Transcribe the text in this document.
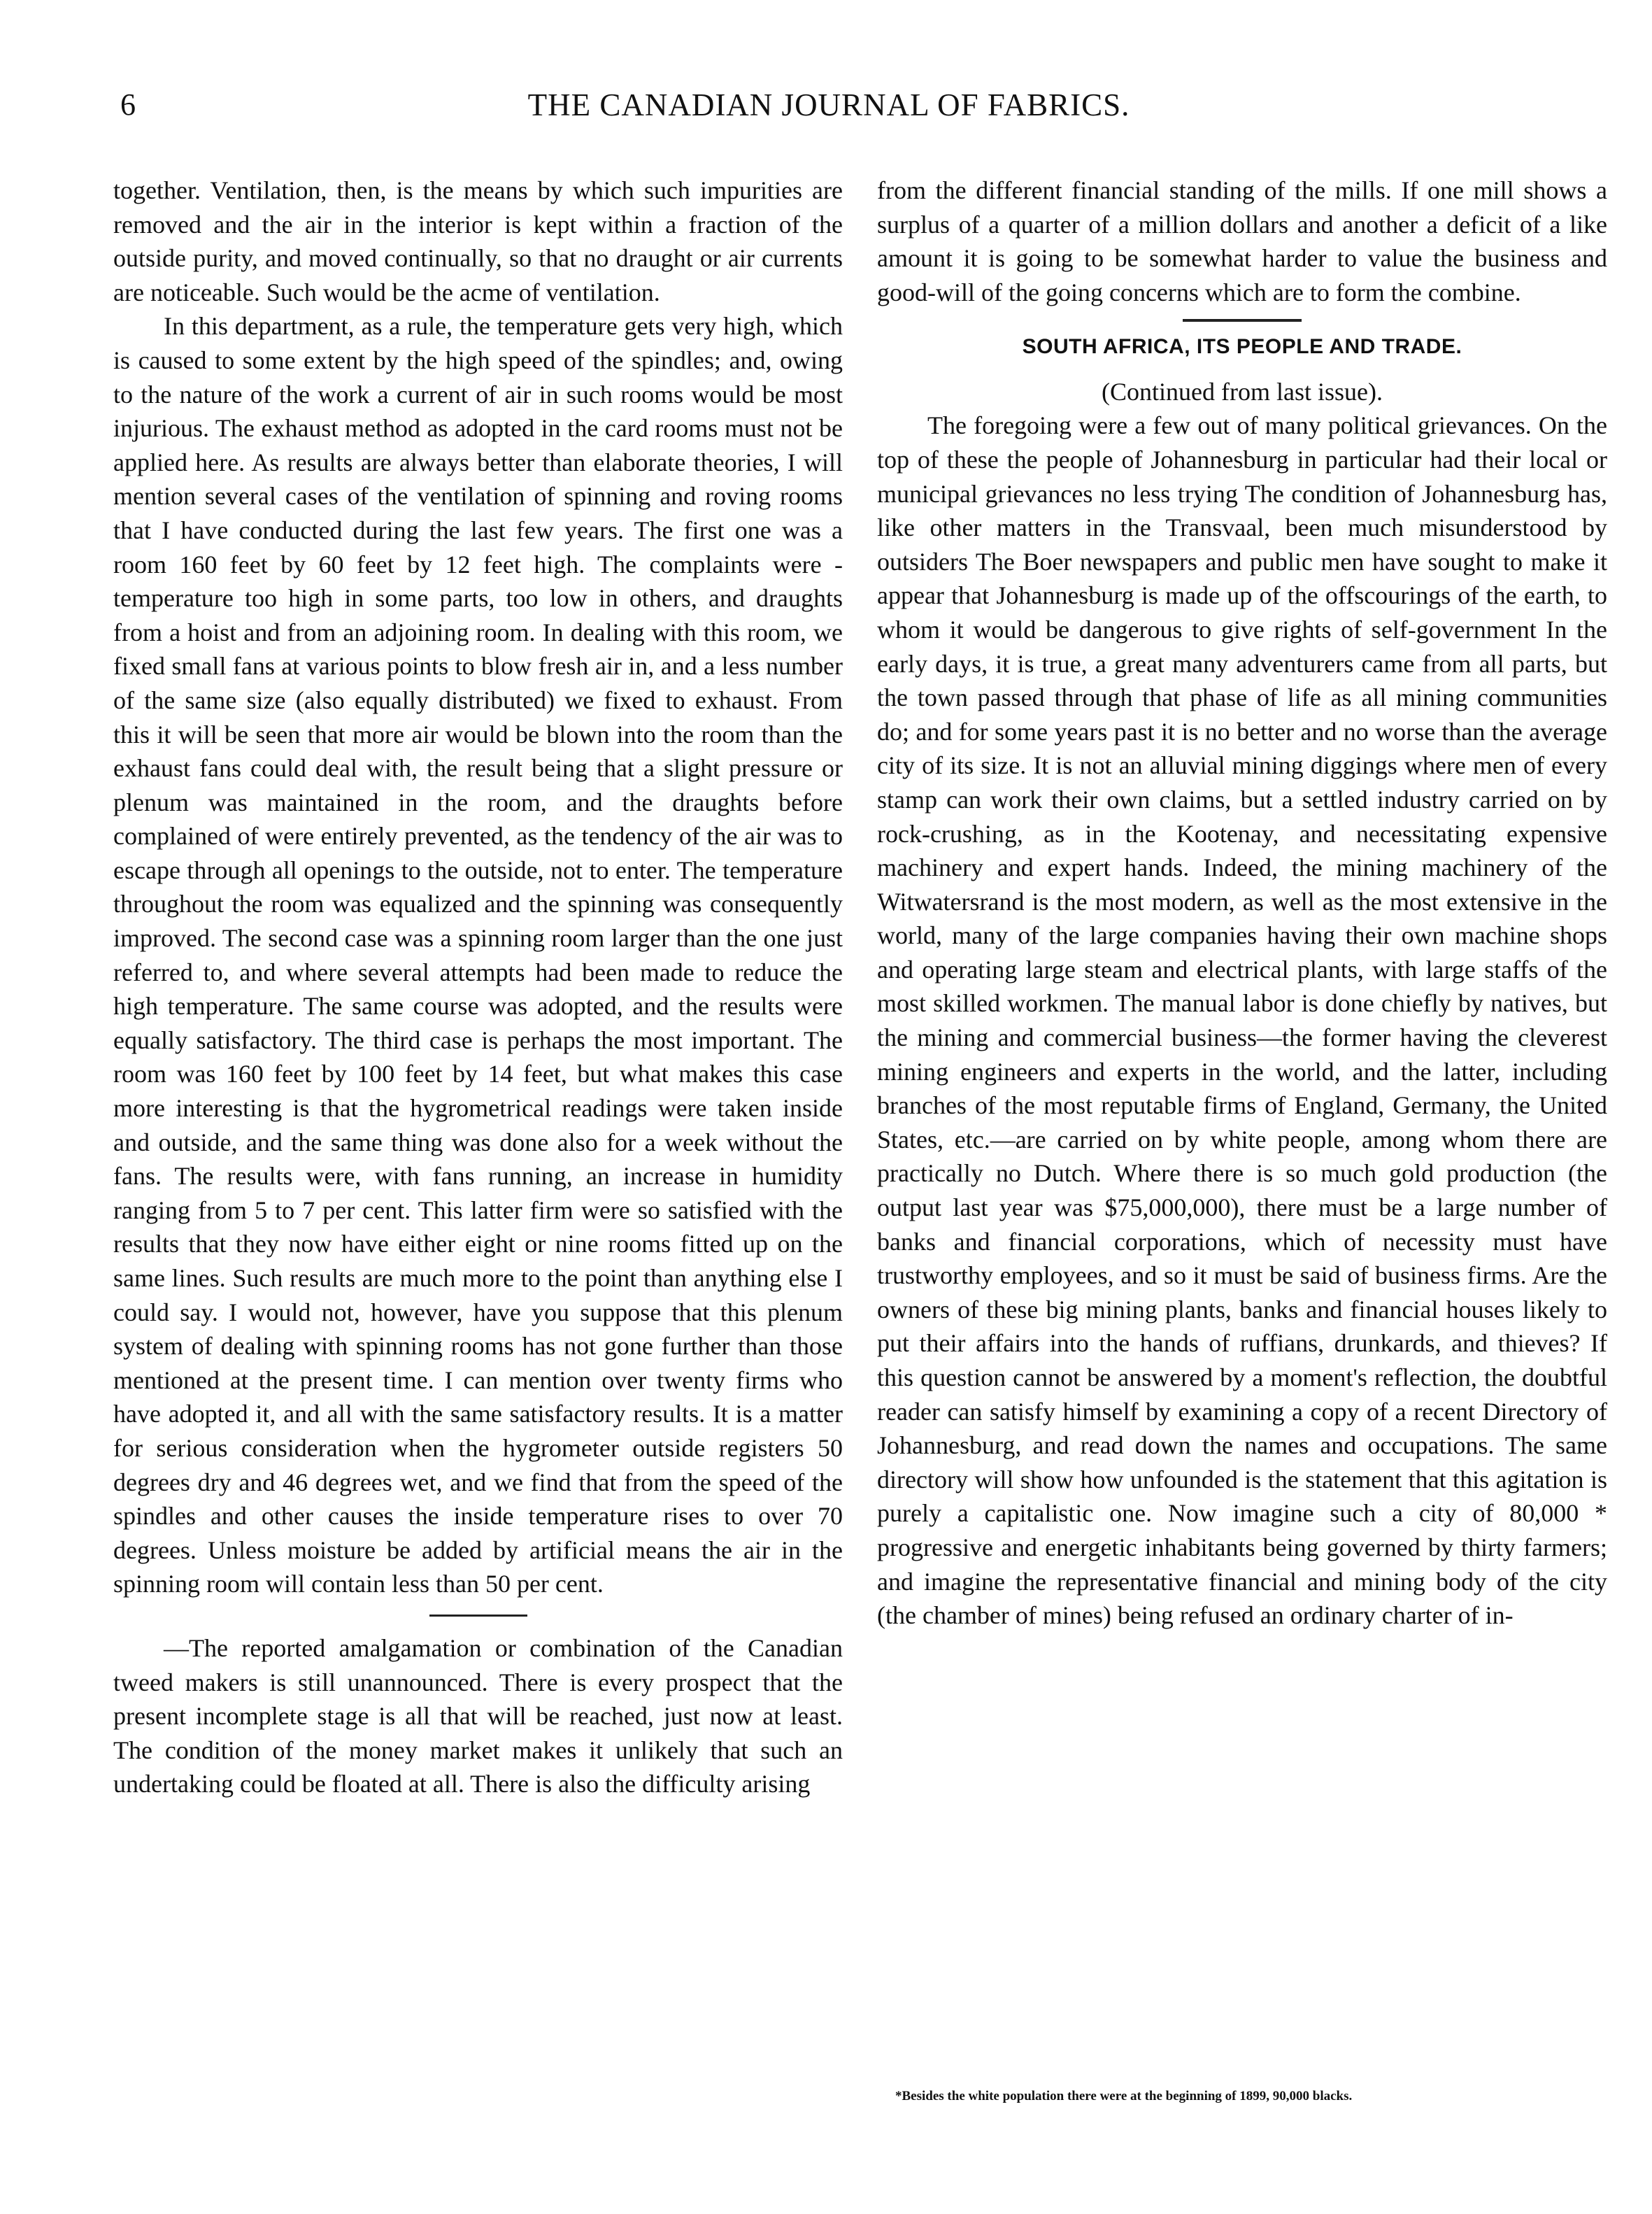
6	THE CANADIAN JOURNAL OF FABRICS.

together. Ventilation, then, is the means by which such impurities are removed and the air in the interior is kept within a fraction of the outside purity, and moved continually, so that no draught or air currents are noticeable. Such would be the acme of ventilation.

In this department, as a rule, the temperature gets very high, which is caused to some extent by the high speed of the spindles; and, owing to the nature of the work a current of air in such rooms would be most injurious. The exhaust method as adopted in the card rooms must not be applied here. As results are always better than elaborate theories, I will mention several cases of the ventilation of spinning and roving rooms that I have conducted during the last few years. The first one was a room 160 feet by 60 feet by 12 feet high. The complaints were -temperature too high in some parts, too low in others, and draughts from a hoist and from an adjoining room. In dealing with this room, we fixed small fans at various points to blow fresh air in, and a less number of the same size (also equally distributed) we fixed to exhaust. From this it will be seen that more air would be blown into the room than the exhaust fans could deal with, the result being that a slight pressure or plenum was maintained in the room, and the draughts before complained of were entirely prevented, as the tendency of the air was to escape through all openings to the outside, not to enter. The temperature throughout the room was equalized and the spinning was consequently improved. The second case was a spinning room larger than the one just referred to, and where several attempts had been made to reduce the high temperature. The same course was adopted, and the results were equally satisfactory. The third case is perhaps the most important. The room was 160 feet by 100 feet by 14 feet, but what makes this case more interesting is that the hygrometrical readings were taken inside and outside, and the same thing was done also for a week without the fans. The results were, with fans running, an increase in humidity ranging from 5 to 7 per cent. This latter firm were so satisfied with the results that they now have either eight or nine rooms fitted up on the same lines. Such results are much more to the point than anything else I could say. I would not, however, have you suppose that this plenum system of dealing with spinning rooms has not gone further than those mentioned at the present time. I can mention over twenty firms who have adopted it, and all with the same satisfactory results. It is a matter for serious consideration when the hygrometer outside registers 50 degrees dry and 46 degrees wet, and we find that from the speed of the spindles and other causes the inside temperature rises to over 70 degrees. Unless moisture be added by artificial means the air in the spinning room will contain less than 50 per cent.

—The reported amalgamation or combination of the Canadian tweed makers is still unannounced. There is every prospect that the present incomplete stage is all that will be reached, just now at least. The condition of the money market makes it unlikely that such an undertaking could be floated at all. There is also the difficulty arising

from the different financial standing of the mills. If one mill shows a surplus of a quarter of a million dollars and another a deficit of a like amount it is going to be somewhat harder to value the business and good-will of the going concerns which are to form the combine.

SOUTH AFRICA, ITS PEOPLE AND TRADE.
(Continued from last issue).

The foregoing were a few out of many political grievances. On the top of these the people of Johannesburg in particular had their local or municipal grievances no less trying The condition of Johannesburg has, like other matters in the Transvaal, been much misunderstood by outsiders The Boer newspapers and public men have sought to make it appear that Johannesburg is made up of the offscourings of the earth, to whom it would be dangerous to give rights of self-government In the early days, it is true, a great many adventurers came from all parts, but the town passed through that phase of life as all mining communities do; and for some years past it is no better and no worse than the average city of its size. It is not an alluvial mining diggings where men of every stamp can work their own claims, but a settled industry carried on by rock-crushing, as in the Kootenay, and necessitating expensive machinery and expert hands. Indeed, the mining machinery of the Witwatersrand is the most modern, as well as the most extensive in the world, many of the large companies having their own machine shops and operating large steam and electrical plants, with large staffs of the most skilled workmen. The manual labor is done chiefly by natives, but the mining and commercial business—the former having the cleverest mining engineers and experts in the world, and the latter, including branches of the most reputable firms of England, Germany, the United States, etc.—are carried on by white people, among whom there are practically no Dutch. Where there is so much gold production (the output last year was $75,000,000), there must be a large number of banks and financial corporations, which of necessity must have trustworthy employees, and so it must be said of business firms. Are the owners of these big mining plants, banks and financial houses likely to put their affairs into the hands of ruffians, drunkards, and thieves? If this question cannot be answered by a moment's reflection, the doubtful reader can satisfy himself by examining a copy of a recent Directory of Johannesburg, and read down the names and occupations. The same directory will show how unfounded is the statement that this agitation is purely a capitalistic one. Now imagine such a city of 80,000 * progressive and energetic inhabitants being governed by thirty farmers; and imagine the representative financial and mining body of the city (the chamber of mines) being refused an ordinary charter of in-

*Besides the white population there were at the beginning of 1899, 90,000 blacks.
